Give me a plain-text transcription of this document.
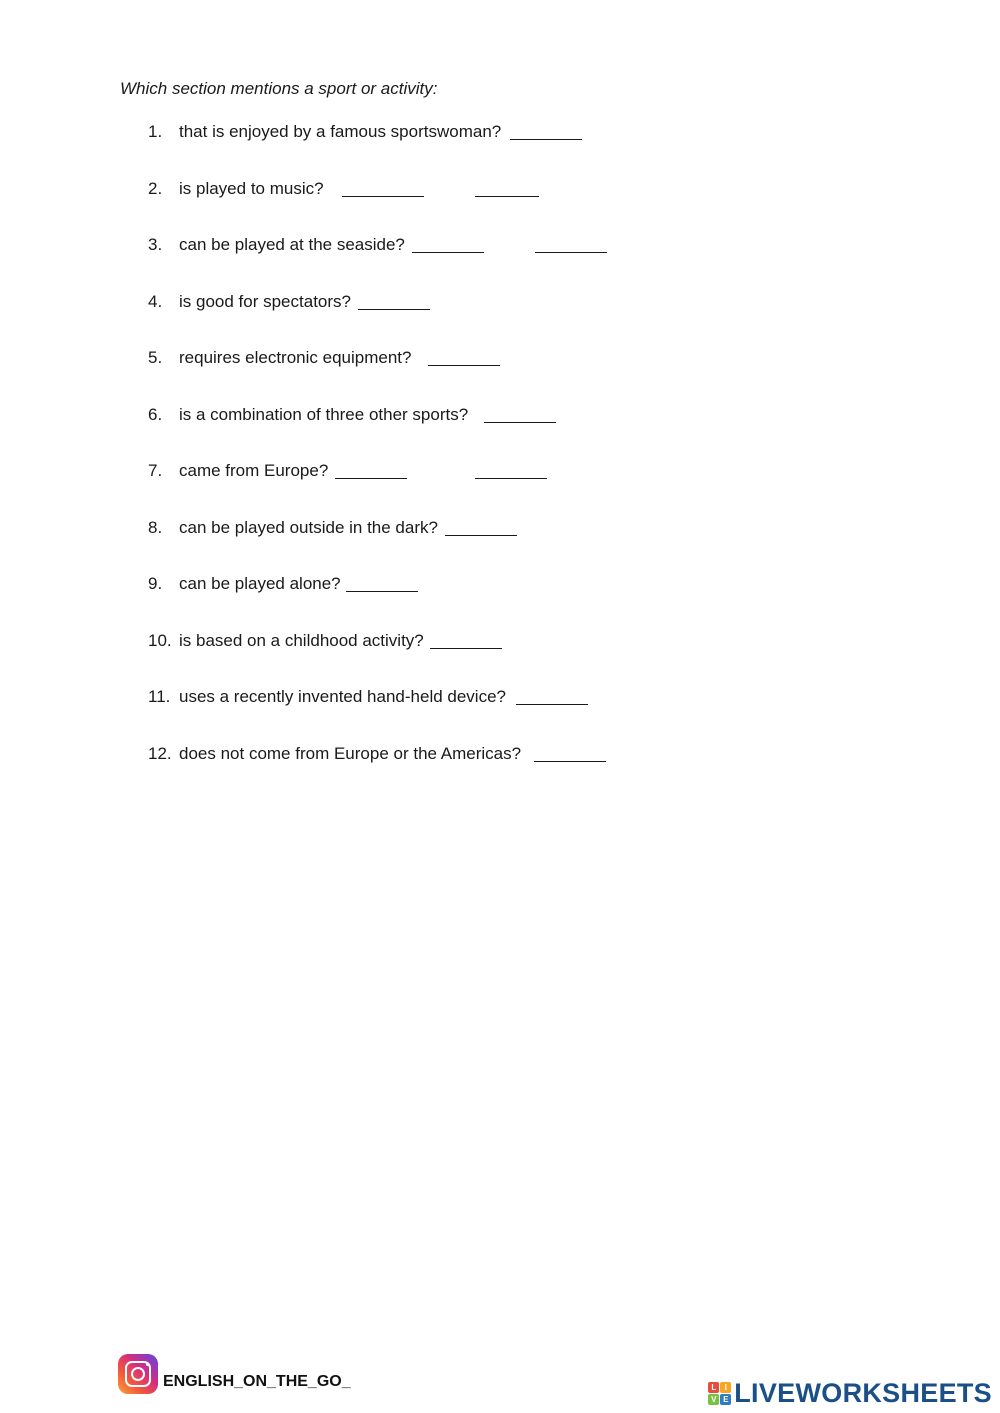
Which section mentions a sport or activity:
1. that is enjoyed by a famous sportswoman?
2. is played to music?
3. can be played at the seaside?
4. is good for spectators?
5. requires electronic equipment?
6. is a combination of three other sports?
7. came from Europe?
8. can be played outside in the dark?
9. can be played alone?
10. is based on a childhood activity?
11. uses a recently invented hand-held device?
12. does not come from Europe or the Americas?
ENGLISH_ON_THE_GO_	L	I
V E LIVEWORKSHEETS
